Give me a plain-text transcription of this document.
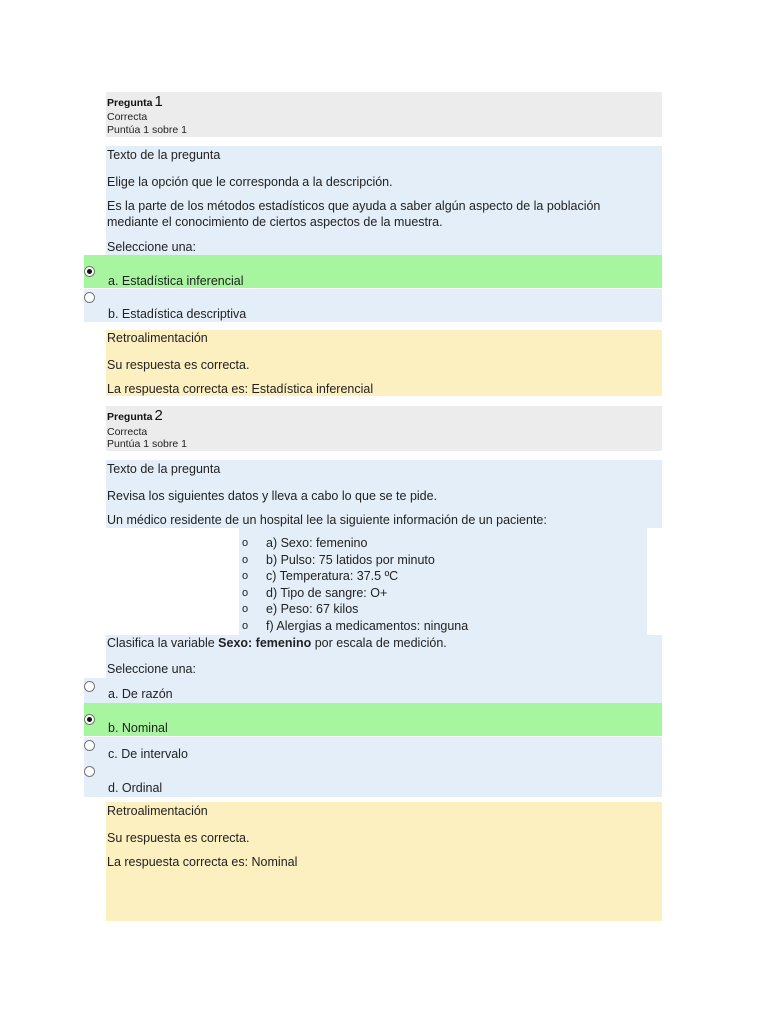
Pregunta 1
Correcta
Puntúa 1 sobre 1
Texto de la pregunta
Elige la opción que le corresponda a la descripción.
Es la parte de los métodos estadísticos que ayuda a saber algún aspecto de la población mediante el conocimiento de ciertos aspectos de la muestra.
Seleccione una:
a. Estadística inferencial
b. Estadística descriptiva
Retroalimentación
Su respuesta es correcta.
La respuesta correcta es: Estadística inferencial
Pregunta 2
Correcta
Puntúa 1 sobre 1
Texto de la pregunta
Revisa los siguientes datos y lleva a cabo lo que se te pide.
Un médico residente de un hospital lee la siguiente información de un paciente:
o a) Sexo: femenino
o b) Pulso: 75 latidos por minuto
o c) Temperatura: 37.5 ºC
o d) Tipo de sangre: O+
o e) Peso: 67 kilos
o f) Alergias a medicamentos: ninguna
Clasifica la variable Sexo: femenino por escala de medición.
Seleccione una:
a. De razón
b. Nominal
c. De intervalo
d. Ordinal
Retroalimentación
Su respuesta es correcta.
La respuesta correcta es: Nominal
